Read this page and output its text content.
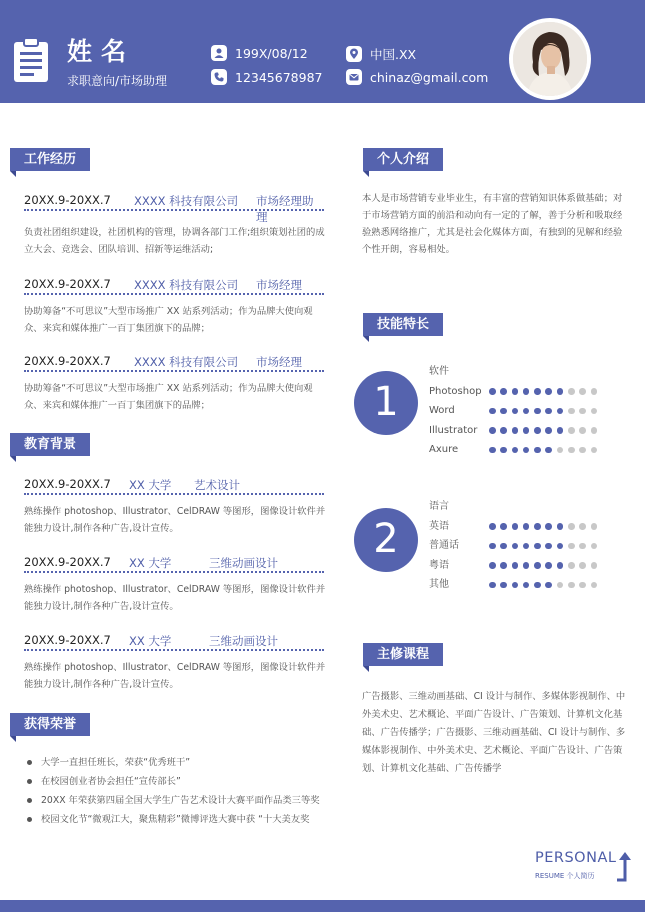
姓名
求职意向/市场助理
199X/08/12
12345678987
中国.XX
chinaz@gmail.com
工作经历
20XX.9-20XX.7 XXXX 科技有限公司 市场经理助理
负责社团组织建设，社团机构的管理，协调各部门工作;组织策划社团的成立大会、竞选会、团队培训、招新等运维活动;
20XX.9-20XX.7 XXXX 科技有限公司 市场经理
协助筹备“不可思议”大型市场推广 XX 站系列活动；作为品牌大使向观众、来宾和媒体推广一百丁集团旗下的品牌；
20XX.9-20XX.7 XXXX 科技有限公司 市场经理
协助筹备“不可思议”大型市场推广 XX 站系列活动；作为品牌大使向观众、来宾和媒体推广一百丁集团旗下的品牌；
教育背景
20XX.9-20XX.7 XX 大学 艺术设计
熟练操作 photoshop、Illustrator、CelDRAW 等图形，图像设计软件并能独力设计,制作各种广告,设计宣传。
20XX.9-20XX.7 XX 大学	三维动画设计
熟练操作 photoshop、Illustrator、CelDRAW 等图形，图像设计软件并能独力设计,制作各种广告,设计宣传。
20XX.9-20XX.7 XX 大学	三维动画设计
熟练操作 photoshop、Illustrator、CelDRAW 等图形，图像设计软件并能独力设计,制作各种广告,设计宣传。
获得荣誉
大学一直担任班长，荣获“优秀班干”
在校园创业者协会担任“宣传部长”
20XX 年荣获第四届全国大学生广告艺术设计大赛平面作品类三等奖
校园文化节“微观江大，聚焦精彩”微博评选大赛中获 “十大美友奖
个人介绍
本人是市场营销专业毕业生，有丰富的营销知识体系做基础；对于市场营销方面的前沿和动向有一定的了解，善于分析和吸取经验熟悉网络推广，尤其是社会化媒体方面，有独到的见解和经验个性开朗，容易相处。
技能特长
1
软件
Photoshop
Word
Illustrator
Axure
2
语言
英语
普通话
粤语
其他
主修课程
广告摄影、三维动画基础、CI 设计与制作、多媒体影视制作、中外美术史、艺术概论、平面广告设计、广告策划、计算机文化基础、广告传播学；广告摄影、三维动画基础、CI 设计与制作、多媒体影视制作、中外美术史、艺术概论、平面广告设计、广告策划、计算机文化基础、广告传播学
PERSONAL
RESUME 个人简历
